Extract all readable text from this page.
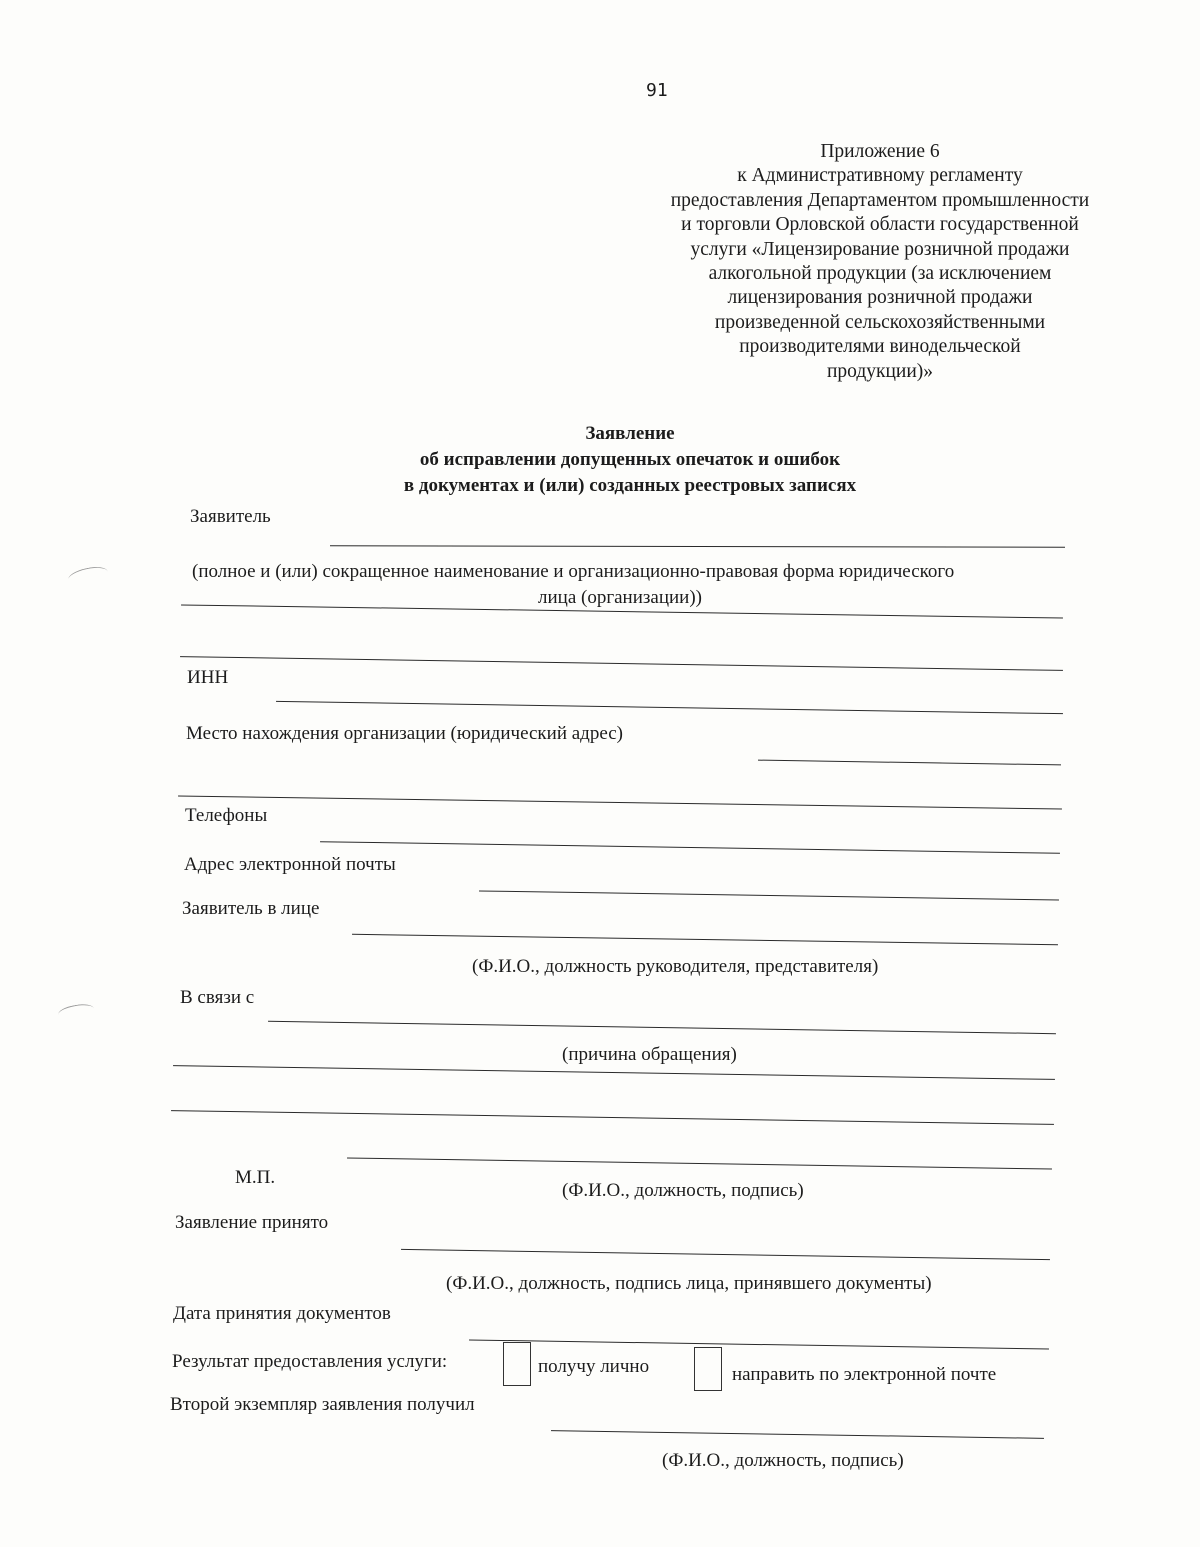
91
Приложение 6
к Административному регламенту
предоставления Департаментом промышленности
и торговли Орловской области государственной
услуги «Лицензирование розничной продажи
алкогольной продукции (за исключением
лицензирования розничной продажи
произведенной сельскохозяйственными
производителями винодельческой
продукции)»
Заявление
об исправлении допущенных опечаток и ошибок
в документах и (или) созданных реестровых записях
Заявитель
(полное и (или) сокращенное наименование и организационно-правовая форма юридического
лица (организации))
ИНН
Место нахождения организации (юридический адрес)
Телефоны
Адрес электронной почты
Заявитель в лице
(Ф.И.О., должность руководителя, представителя)
В связи с
(причина обращения)
М.П.
(Ф.И.О., должность, подпись)
Заявление принято
(Ф.И.О., должность, подпись лица, принявшего документы)
Дата принятия документов
Результат предоставления услуги:	получу лично	направить по электронной почте
Второй экземпляр заявления получил
(Ф.И.О., должность, подпись)
